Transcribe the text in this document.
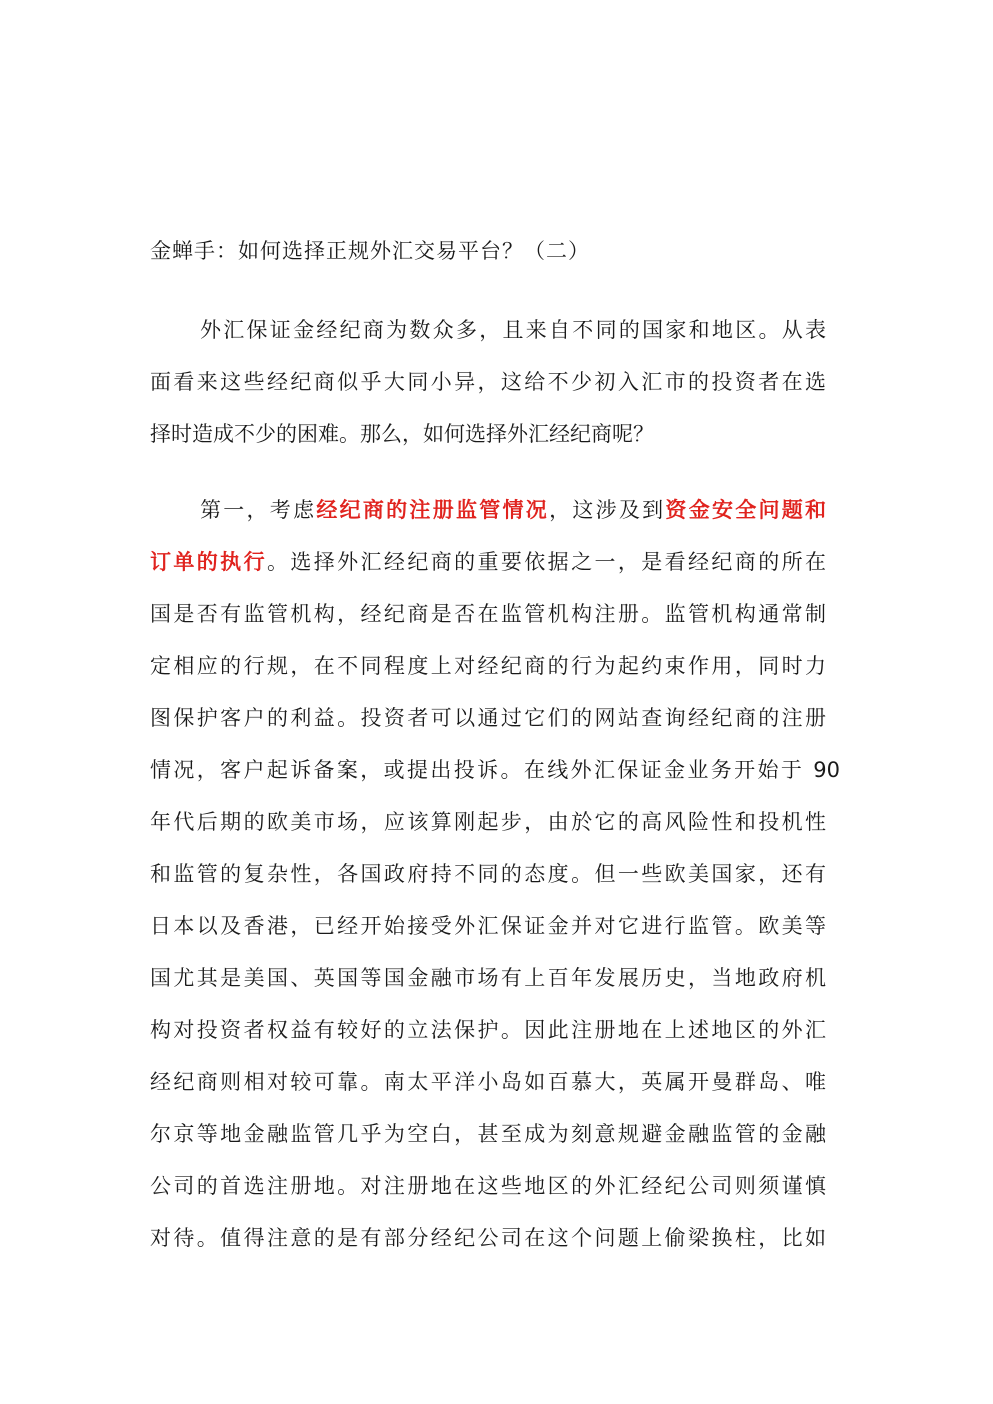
金蝉手：如何选择正规外汇交易平台？（二）

外汇保证金经纪商为数众多，且来自不同的国家和地区。从表

面看来这些经纪商似乎大同小异，这给不少初入汇市的投资者在选

择时造成不少的困难。那么，如何选择外汇经纪商呢？

第一，考虑经纪商的注册监管情况，这涉及到资金安全问题和

订单的执行。选择外汇经纪商的重要依据之一，是看经纪商的所在

国是否有监管机构，经纪商是否在监管机构注册。监管机构通常制

定相应的行规，在不同程度上对经纪商的行为起约束作用，同时力

图保护客户的利益。投资者可以通过它们的网站查询经纪商的注册

情况，客户起诉备案，或提出投诉。在线外汇保证金业务开始于 90

年代后期的欧美市场，应该算刚起步，由於它的高风险性和投机性

和监管的复杂性，各国政府持不同的态度。但一些欧美国家，还有

日本以及香港，已经开始接受外汇保证金并对它进行监管。欧美等

国尤其是美国、英国等国金融市场有上百年发展历史，当地政府机

构对投资者权益有较好的立法保护。因此注册地在上述地区的外汇

经纪商则相对较可靠。南太平洋小岛如百慕大，英属开曼群岛、唯

尔京等地金融监管几乎为空白，甚至成为刻意规避金融监管的金融

公司的首选注册地。对注册地在这些地区的外汇经纪公司则须谨慎

对待。值得注意的是有部分经纪公司在这个问题上偷梁换柱，比如
